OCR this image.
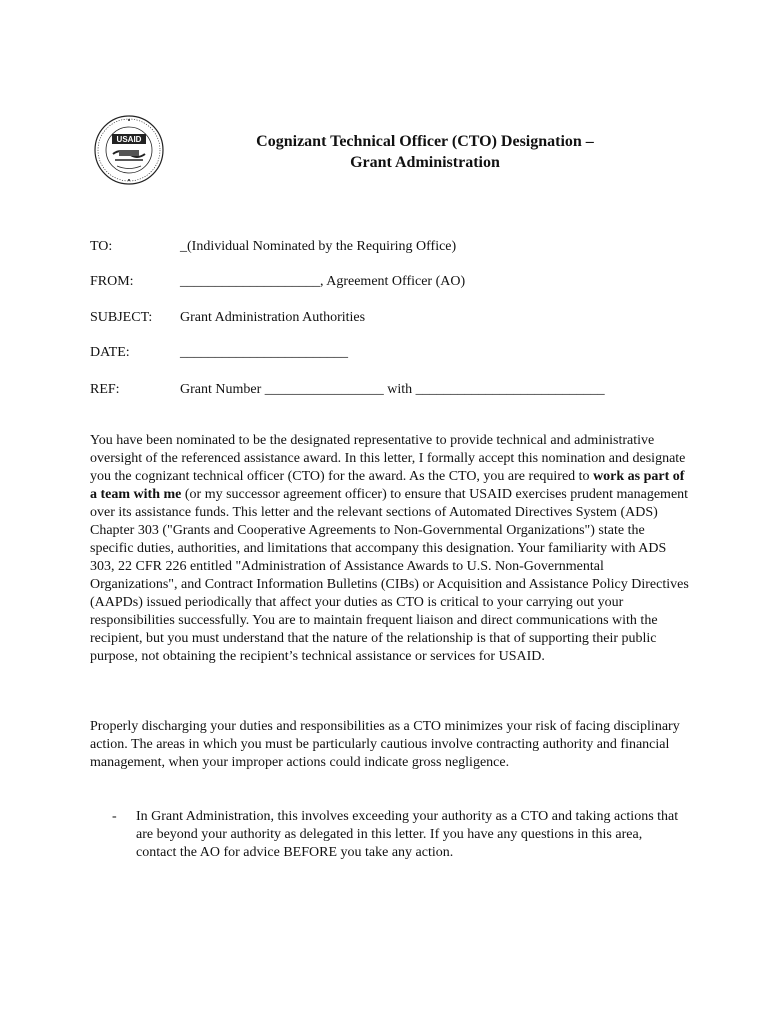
USAID	Cognizant Technical Officer (CTO) Designation –
Grant Administration
TO:	_(Individual Nominated by the Requiring Office)
FROM:	____________________, Agreement Officer (AO)
SUBJECT: Grant Administration Authorities
DATE:	________________________
REF:	Grant Number _________________ with ___________________________

You have been nominated to be the designated representative to provide technical and administrative oversight of the referenced assistance award. In this letter, I formally accept this nomination and designate you the cognizant technical officer (CTO) for the award. As the CTO, you are required to work as part of a team with me (or my successor agreement officer) to ensure that USAID exercises prudent management over its assistance funds. This letter and the relevant sections of Automated Directives System (ADS) Chapter 303 ("Grants and Cooperative Agreements to Non-Governmental Organizations") state the specific duties, authorities, and limitations that accompany this designation. Your familiarity with ADS 303, 22 CFR 226 entitled "Administration of Assistance Awards to U.S. Non-Governmental Organizations", and Contract Information Bulletins (CIBs) or Acquisition and Assistance Policy Directives (AAPDs) issued periodically that affect your duties as CTO is critical to your carrying out your responsibilities successfully. You are to maintain frequent liaison and direct communications with the recipient, but you must understand that the nature of the relationship is that of supporting their public purpose, not obtaining the recipient’s technical assistance or services for USAID.

Properly discharging your duties and responsibilities as a CTO minimizes your risk of facing disciplinary action. The areas in which you must be particularly cautious involve contracting authority and financial management, when your improper actions could indicate gross negligence.

- In Grant Administration, this involves exceeding your authority as a CTO and taking actions that are beyond your authority as delegated in this letter. If you have any questions in this area, contact the AO for advice BEFORE you take any action.
